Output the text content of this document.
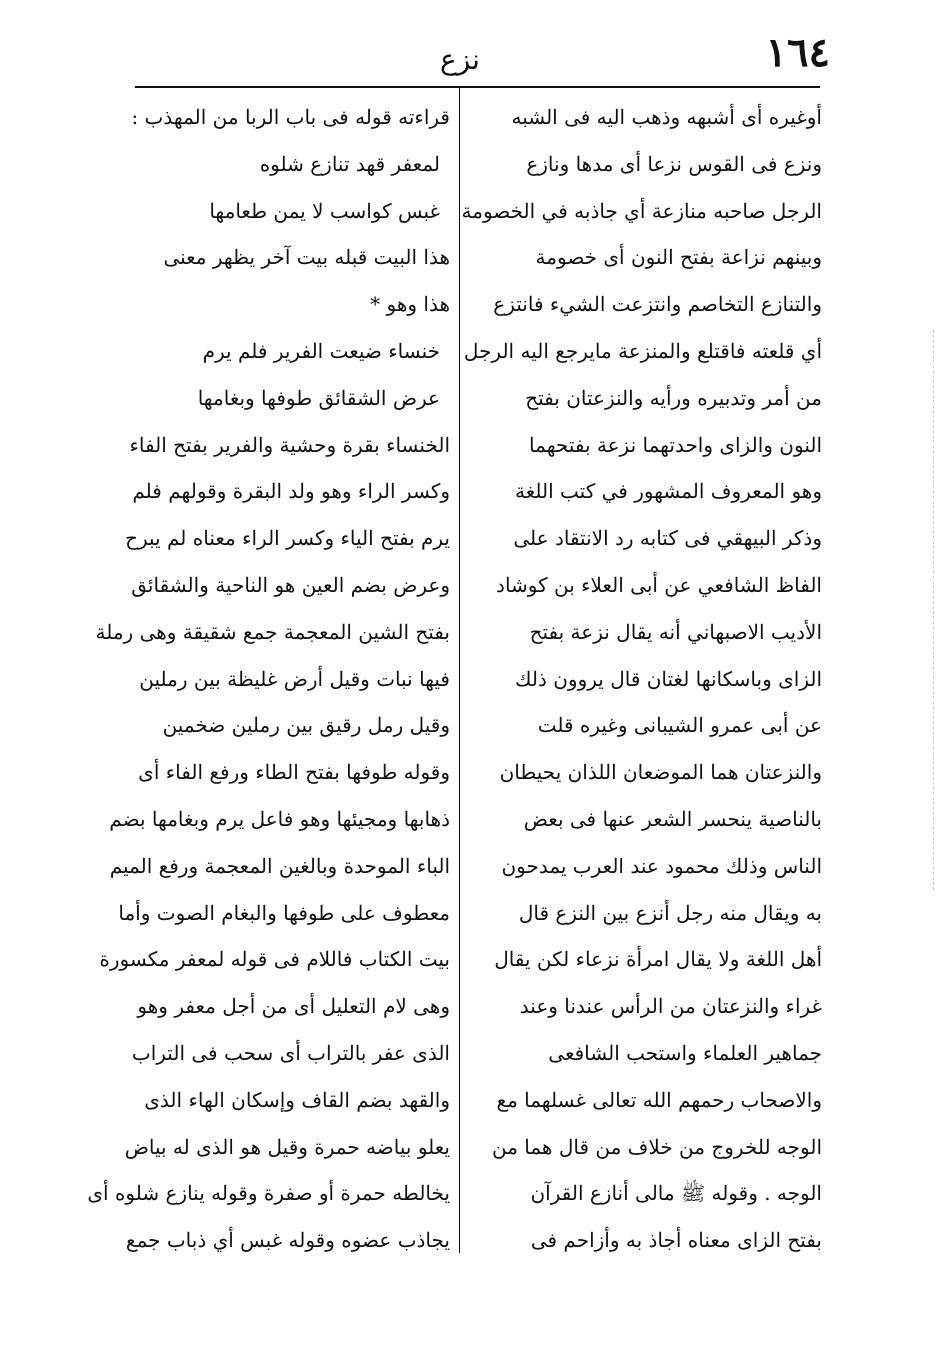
١٦٤
نزع
أوغيره أى أشبهه وذهب اليه فى الشبه
ونزع فى القوس نزعا أى مدها ونازع
الرجل صاحبه منازعة أي جاذبه في الخصومة
وبينهم نزاعة بفتح النون أى خصومة
والتنازع التخاصم وانتزعت الشيء فانتزع
أي قلعته فاقتلع والمنزعة مايرجع اليه الرجل
من أمر وتدبيره ورأيه والنزعتان بفتح
النون والزاى واحدتهما نزعة بفتحهما
وهو المعروف المشهور في كتب اللغة
وذكر البيهقي فى كتابه رد الانتقاد على
الفاظ الشافعي عن أبى العلاء بن كوشاد
الأديب الاصبهاني أنه يقال نزعة بفتح
الزاى وباسكانها لغتان قال يروون ذلك
عن أبى عمرو الشيبانى وغيره قلت
والنزعتان هما الموضعان اللذان يحيطان
بالناصية ينحسر الشعر عنها فى بعض
الناس وذلك محمود عند العرب يمدحون
به ويقال منه رجل أنزع بين النزع قال
أهل اللغة ولا يقال امرأة نزعاء لكن يقال
غراء والنزعتان من الرأس عندنا وعند
جماهير العلماء واستحب الشافعى
والاصحاب رحمهم الله تعالى غسلهما مع
الوجه للخروج من خلاف من قال هما من
الوجه . وقوله ﷺ مالى أنازع القرآن
بفتح الزاى معناه أجاذ به وأزاحم فى
قراءته قوله فى باب الربا من المهذب :
لمعفر قهد تنازع شلوه
غبس كواسب لا يمن طعامها
هذا البيت قبله بيت آخر يظهر معنى
هذا وهو *
خنساء ضيعت الفرير فلم يرم
عرض الشقائق طوفها وبغامها
الخنساء بقرة وحشية والفرير بفتح الفاء
وكسر الراء وهو ولد البقرة وقولهم فلم
يرم بفتح الياء وكسر الراء معناه لم يبرح
وعرض بضم العين هو الناحية والشقائق
بفتح الشين المعجمة جمع شقيقة وهى رملة
فيها نبات وقيل أرض غليظة بين رملين
وقيل رمل رقيق بين رملين ضخمين
وقوله طوفها بفتح الطاء ورفع الفاء أى
ذهابها ومجيئها وهو فاعل يرم وبغامها بضم
الباء الموحدة وبالغين المعجمة ورفع الميم
معطوف على طوفها والبغام الصوت وأما
بيت الكتاب فاللام فى قوله لمعفر مكسورة
وهى لام التعليل أى من أجل معفر وهو
الذى عفر بالتراب أى سحب فى التراب
والقهد بضم القاف وإسكان الهاء الذى
يعلو بياضه حمرة وقيل هو الذى له بياض
يخالطه حمرة أو صفرة وقوله ينازع شلوه أى
يجاذب عضوه وقوله غبس أي ذباب جمع
